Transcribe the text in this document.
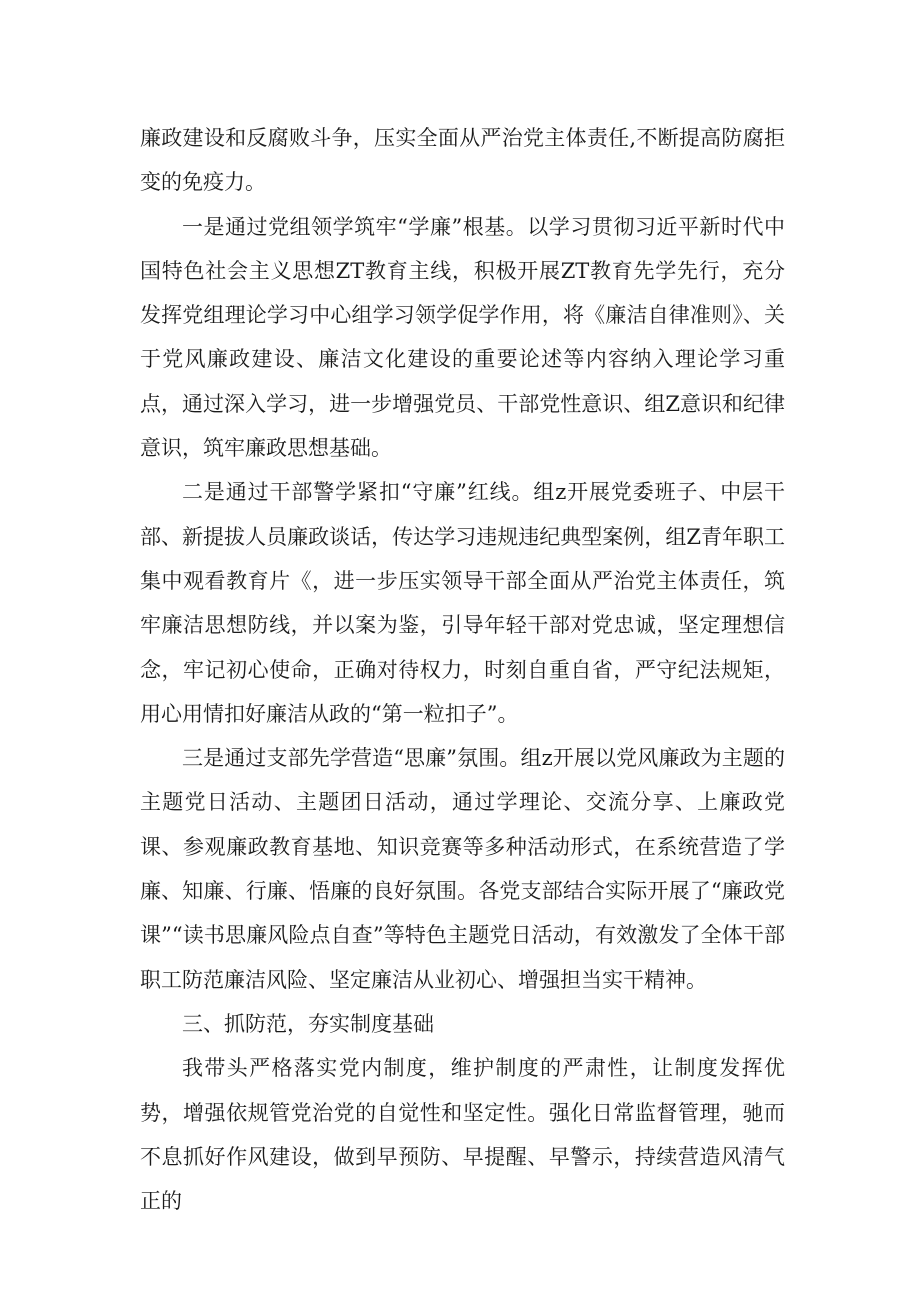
廉政建设和反腐败斗争，压实全面从严治党主体责任,不断提高防腐拒变的免疫力。

一是通过党组领学筑牢“学廉”根基。以学习贯彻习近平新时代中国特色社会主义思想ZT教育主线，积极开展ZT教育先学先行，充分发挥党组理论学习中心组学习领学促学作用，将《廉洁自律准则》、关于党风廉政建设、廉洁文化建设的重要论述等内容纳入理论学习重点，通过深入学习，进一步增强党员、干部党性意识、组Z意识和纪律意识，筑牢廉政思想基础。

二是通过干部警学紧扣“守廉”红线。组z开展党委班子、中层干部、新提拔人员廉政谈话，传达学习违规违纪典型案例，组Z青年职工集中观看教育片《，进一步压实领导干部全面从严治党主体责任，筑牢廉洁思想防线，并以案为鉴，引导年轻干部对党忠诚，坚定理想信念，牢记初心使命，正确对待权力，时刻自重自省，严守纪法规矩，用心用情扣好廉洁从政的“第一粒扣子”。

三是通过支部先学营造“思廉”氛围。组z开展以党风廉政为主题的主题党日活动、主题团日活动，通过学理论、交流分享、上廉政党课、参观廉政教育基地、知识竞赛等多种活动形式，在系统营造了学廉、知廉、行廉、悟廉的良好氛围。各党支部结合实际开展了“廉政党课”“读书思廉风险点自查”等特色主题党日活动，有效激发了全体干部职工防范廉洁风险、坚定廉洁从业初心、增强担当实干精神。

三、抓防范，夯实制度基础

我带头严格落实党内制度，维护制度的严肃性，让制度发挥优势，增强依规管党治党的自觉性和坚定性。强化日常监督管理，驰而不息抓好作风建设，做到早预防、早提醒、早警示，持续营造风清气正的
